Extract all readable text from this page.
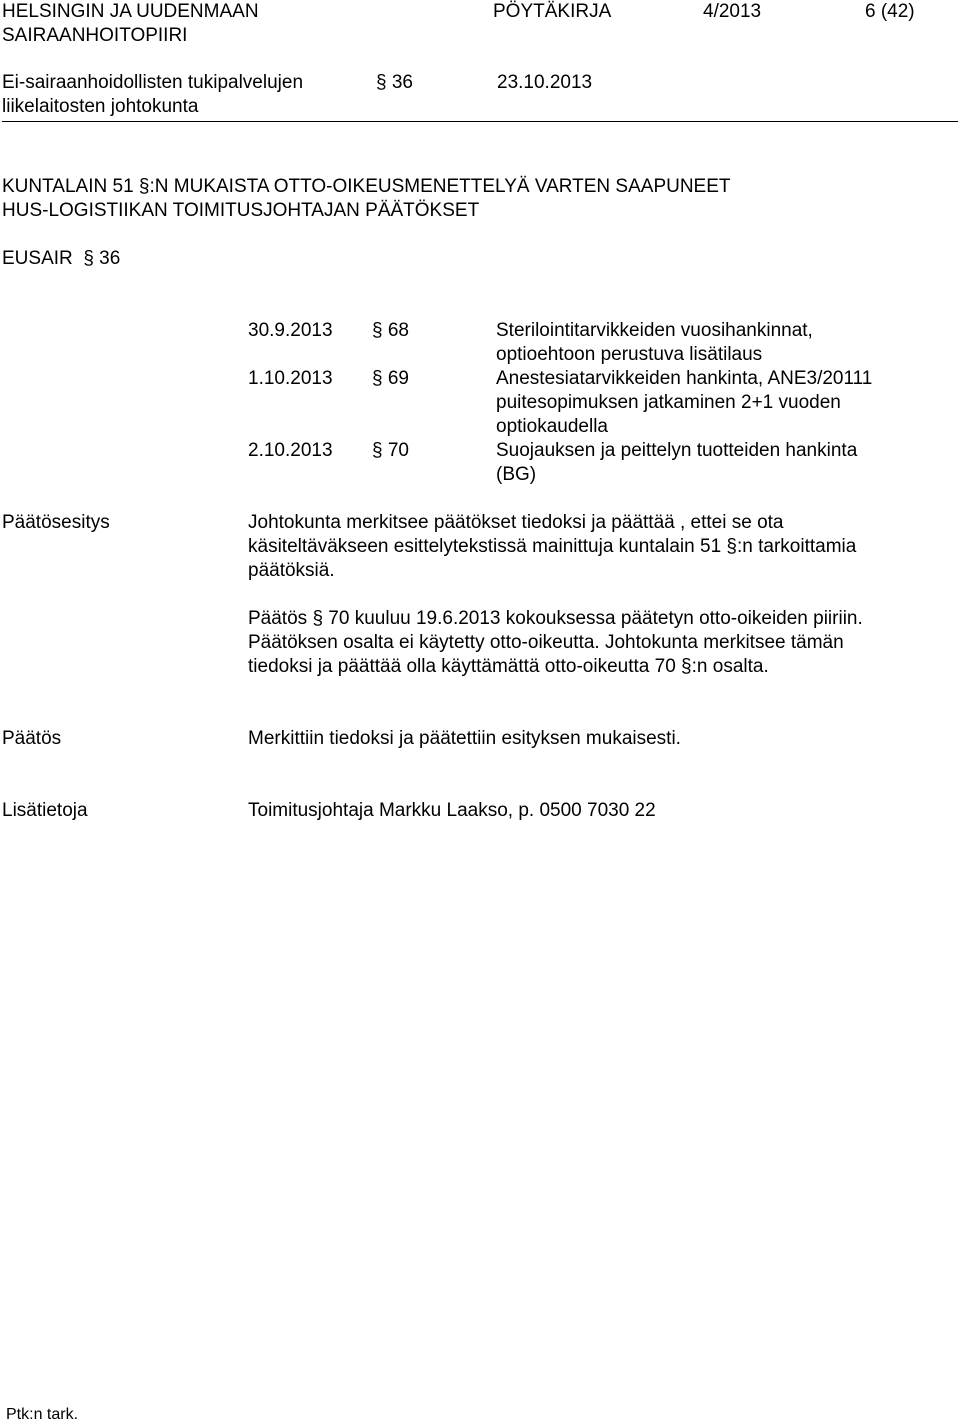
HELSINGIN JA UUDENMAAN
SAIRAANHOITOPIIRI
PÖYTÄKIRJA	4/2013	6 (42)
Ei-sairaanhoidollisten tukipalvelujen
liikelaitosten johtokunta
§ 36	23.10.2013
KUNTALAIN 51 §:N MUKAISTA OTTO-OIKEUSMENETTELYÄ VARTEN SAAPUNEET
HUS-LOGISTIIKAN TOIMITUSJOHTAJAN PÄÄTÖKSET
EUSAIR § 36
30.9.2013 § 68	Sterilointitarvikkeiden vuosihankinnat,
optioehtoon perustuva lisätilaus
1.10.2013 § 69	Anestesiatarvikkeiden hankinta, ANE3/20111
puitesopimuksen jatkaminen 2+1 vuoden
optiokaudella
2.10.2013 § 70	Suojauksen ja peittelyn tuotteiden hankinta
(BG)
Päätösesitys	Johtokunta merkitsee päätökset tiedoksi ja päättää , ettei se ota
käsiteltäväkseen esittelytekstissä mainittuja kuntalain 51 §:n tarkoittamia
päätöksiä.
Päätös § 70 kuuluu 19.6.2013 kokouksessa päätetyn otto-oikeiden piiriin.
Päätöksen osalta ei käytetty otto-oikeutta. Johtokunta merkitsee tämän
tiedoksi ja päättää olla käyttämättä otto-oikeutta 70 §:n osalta.
Päätös	Merkittiin tiedoksi ja päätettiin esityksen mukaisesti.
Lisätietoja	Toimitusjohtaja Markku Laakso, p. 0500 7030 22
Ptk:n tark.
